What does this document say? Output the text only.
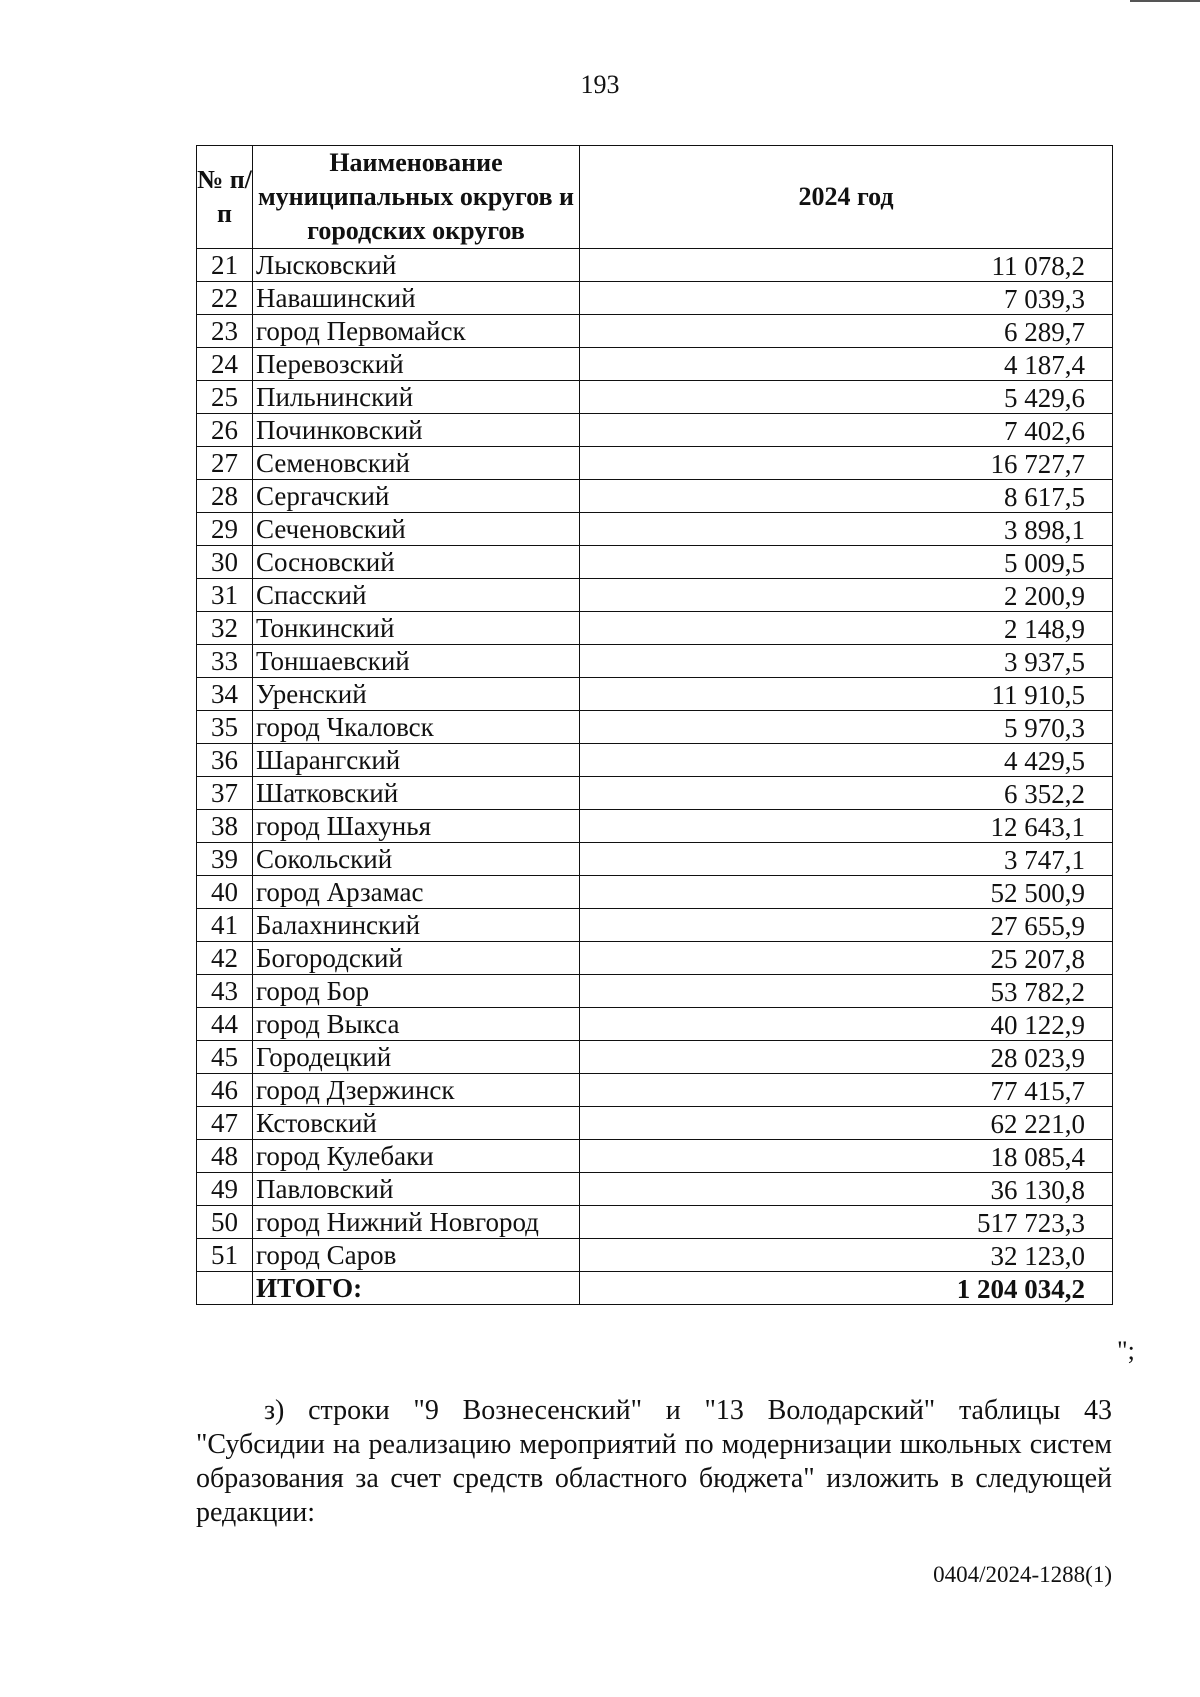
193
№ п/п	Наименование муниципальных округов и городских округов	2024 год
21	Лысковский	11 078,2
22	Навашинский	7 039,3
23	город Первомайск	6 289,7
24	Перевозский	4 187,4
25	Пильнинский	5 429,6
26	Починковский	7 402,6
27	Семеновский	16 727,7
28	Сергачский	8 617,5
29	Сеченовский	3 898,1
30	Сосновский	5 009,5
31	Спасский	2 200,9
32	Тонкинский	2 148,9
33	Тоншаевский	3 937,5
34	Уренский	11 910,5
35	город Чкаловск	5 970,3
36	Шарангский	4 429,5
37	Шатковский	6 352,2
38	город Шахунья	12 643,1
39	Сокольский	3 747,1
40	город Арзамас	52 500,9
41	Балахнинский	27 655,9
42	Богородский	25 207,8
43	город Бор	53 782,2
44	город Выкса	40 122,9
45	Городецкий	28 023,9
46	город Дзержинск	77 415,7
47	Кстовский	62 221,0
48	город Кулебаки	18 085,4
49	Павловский	36 130,8
50	город Нижний Новгород	517 723,3
51	город Саров	32 123,0
	ИТОГО:	1 204 034,2
";
з) строки "9 Вознесенский" и "13 Володарский" таблицы 43 "Субсидии на реализацию мероприятий по модернизации школьных систем образования за счет средств областного бюджета" изложить в следующей редакции:
0404/2024-1288(1)
